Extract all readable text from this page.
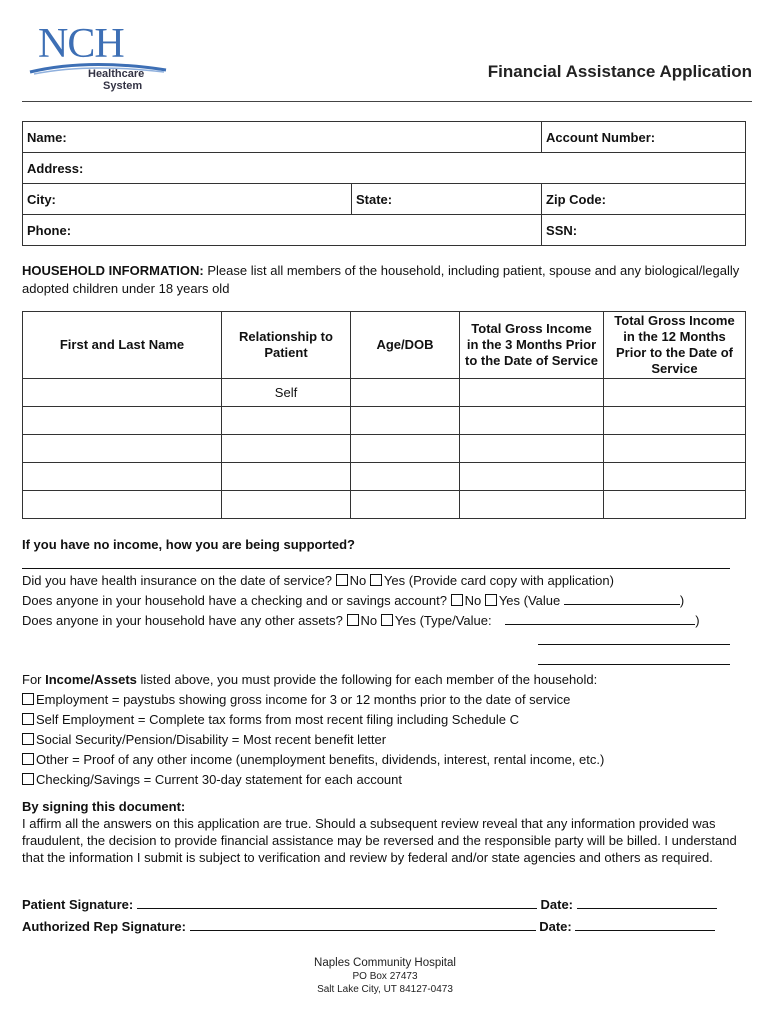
NCH
Healthcare
System
Financial Assistance Application
Name:		Account Number:
Address:		
City:	State:	Zip Code:
Phone:		SSN:
HOUSEHOLD INFORMATION: Please list all members of the household, including patient, spouse and any biological/legally adopted children under 18 years old
First and Last Name	Relationship to Patient	Age/DOB	Total Gross Income in the 3 Months Prior to the Date of Service	Total Gross Income in the 12 Months Prior to the Date of Service
	Self			

If you have no income, how you are being supported?
Did you have health insurance on the date of service? No Yes (Provide card copy with application)
Does anyone in your household have a checking and or savings account? No Yes (Value	)
Does anyone in your household have any other assets? No Yes (Type/Value:	)
For Income/Assets listed above, you must provide the following for each member of the household:
Employment = paystubs showing gross income for 3 or 12 months prior to the date of service
Self Employment = Complete tax forms from most recent filing including Schedule C
Social Security/Pension/Disability = Most recent benefit letter
Other = Proof of any other income (unemployment benefits, dividends, interest, rental income, etc.)
Checking/Savings = Current 30-day statement for each account
By signing this document:
I affirm all the answers on this application are true. Should a subsequent review reveal that any information provided was fraudulent, the decision to provide financial assistance may be reversed and the responsible party will be billed. I understand that the information I submit is subject to verification and review by federal and/or state agencies and others as required.
Patient Signature:	Date:
Authorized Rep Signature:	Date:
Naples Community Hospital
PO Box 27473
Salt Lake City, UT 84127-0473
